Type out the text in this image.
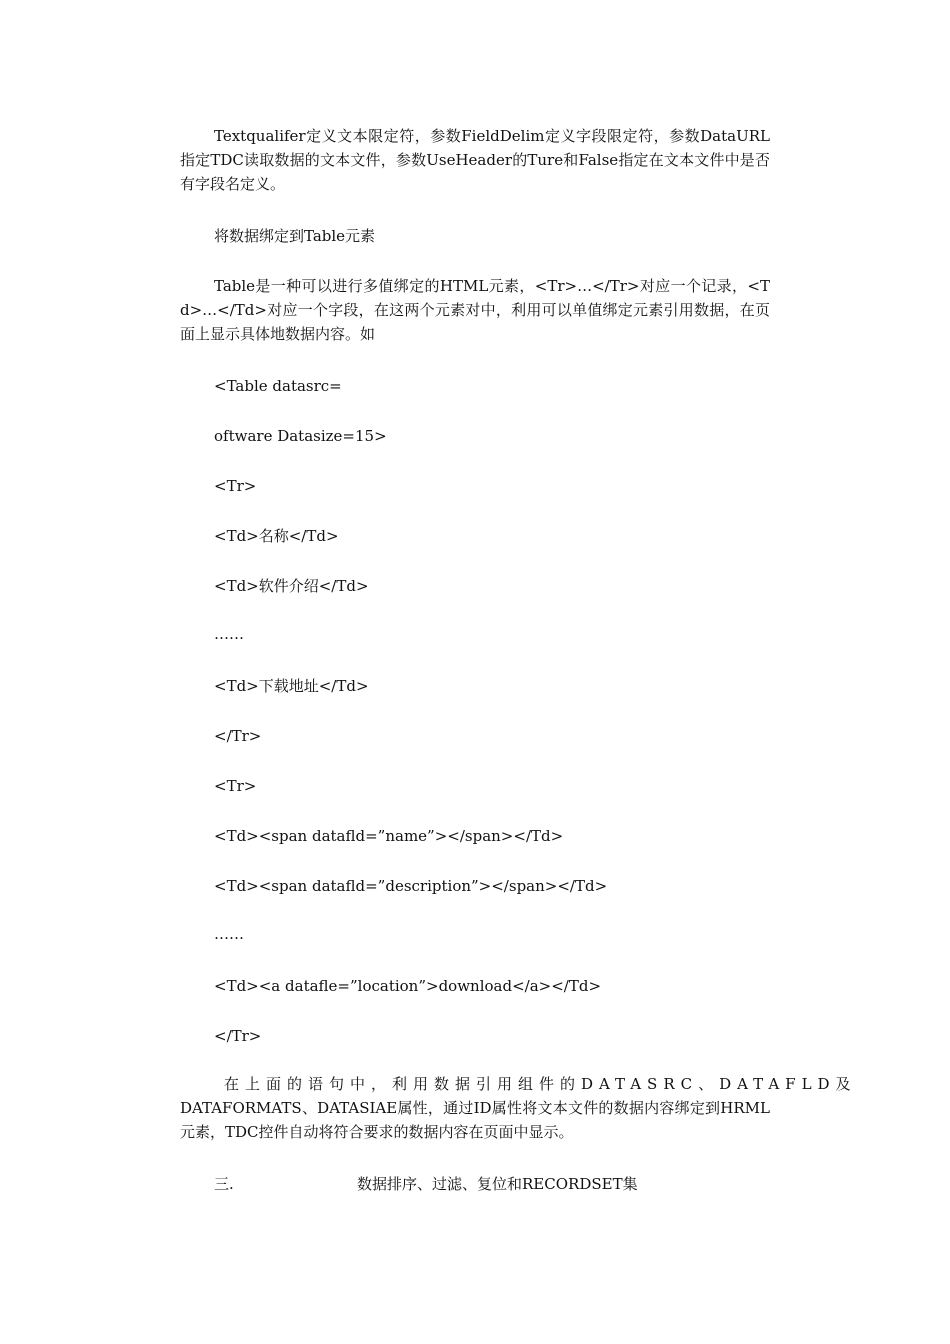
Textqualifer定义文本限定符，参数FieldDelim定义字段限定符，参数DataURL指定TDC读取数据的文本文件，参数UseHeader的Ture和False指定在文本文件中是否有字段名定义。

将数据绑定到Table元素

Table是一种可以进行多值绑定的HTML元素，<Tr>…</Tr>对应一个记录，<Td>…</Td>对应一个字段，在这两个元素对中，利用可以单值绑定元素引用数据，在页面上显示具体地数据内容。如

<Table datasrc=

oftware Datasize=15>

<Tr>

<Td>名称</Td>

<Td>软件介绍</Td>

……

<Td>下载地址</Td>

</Tr>

<Tr>

<Td><span datafld=”name”></span></Td>

<Td><span datafld=”description”></span></Td>

……

<Td><a datafle=”location”>download</a></Td>

</Tr>

在上面的语句中，利用数据引用组件的DATASRC、DATAFLD及

DATAFORMATS、DATASIAE属性，通过ID属性将文本文件的数据内容绑定到HRML元素，TDC控件自动将符合要求的数据内容在页面中显示。

三.	数据排序、过滤、复位和RECORDSET集
